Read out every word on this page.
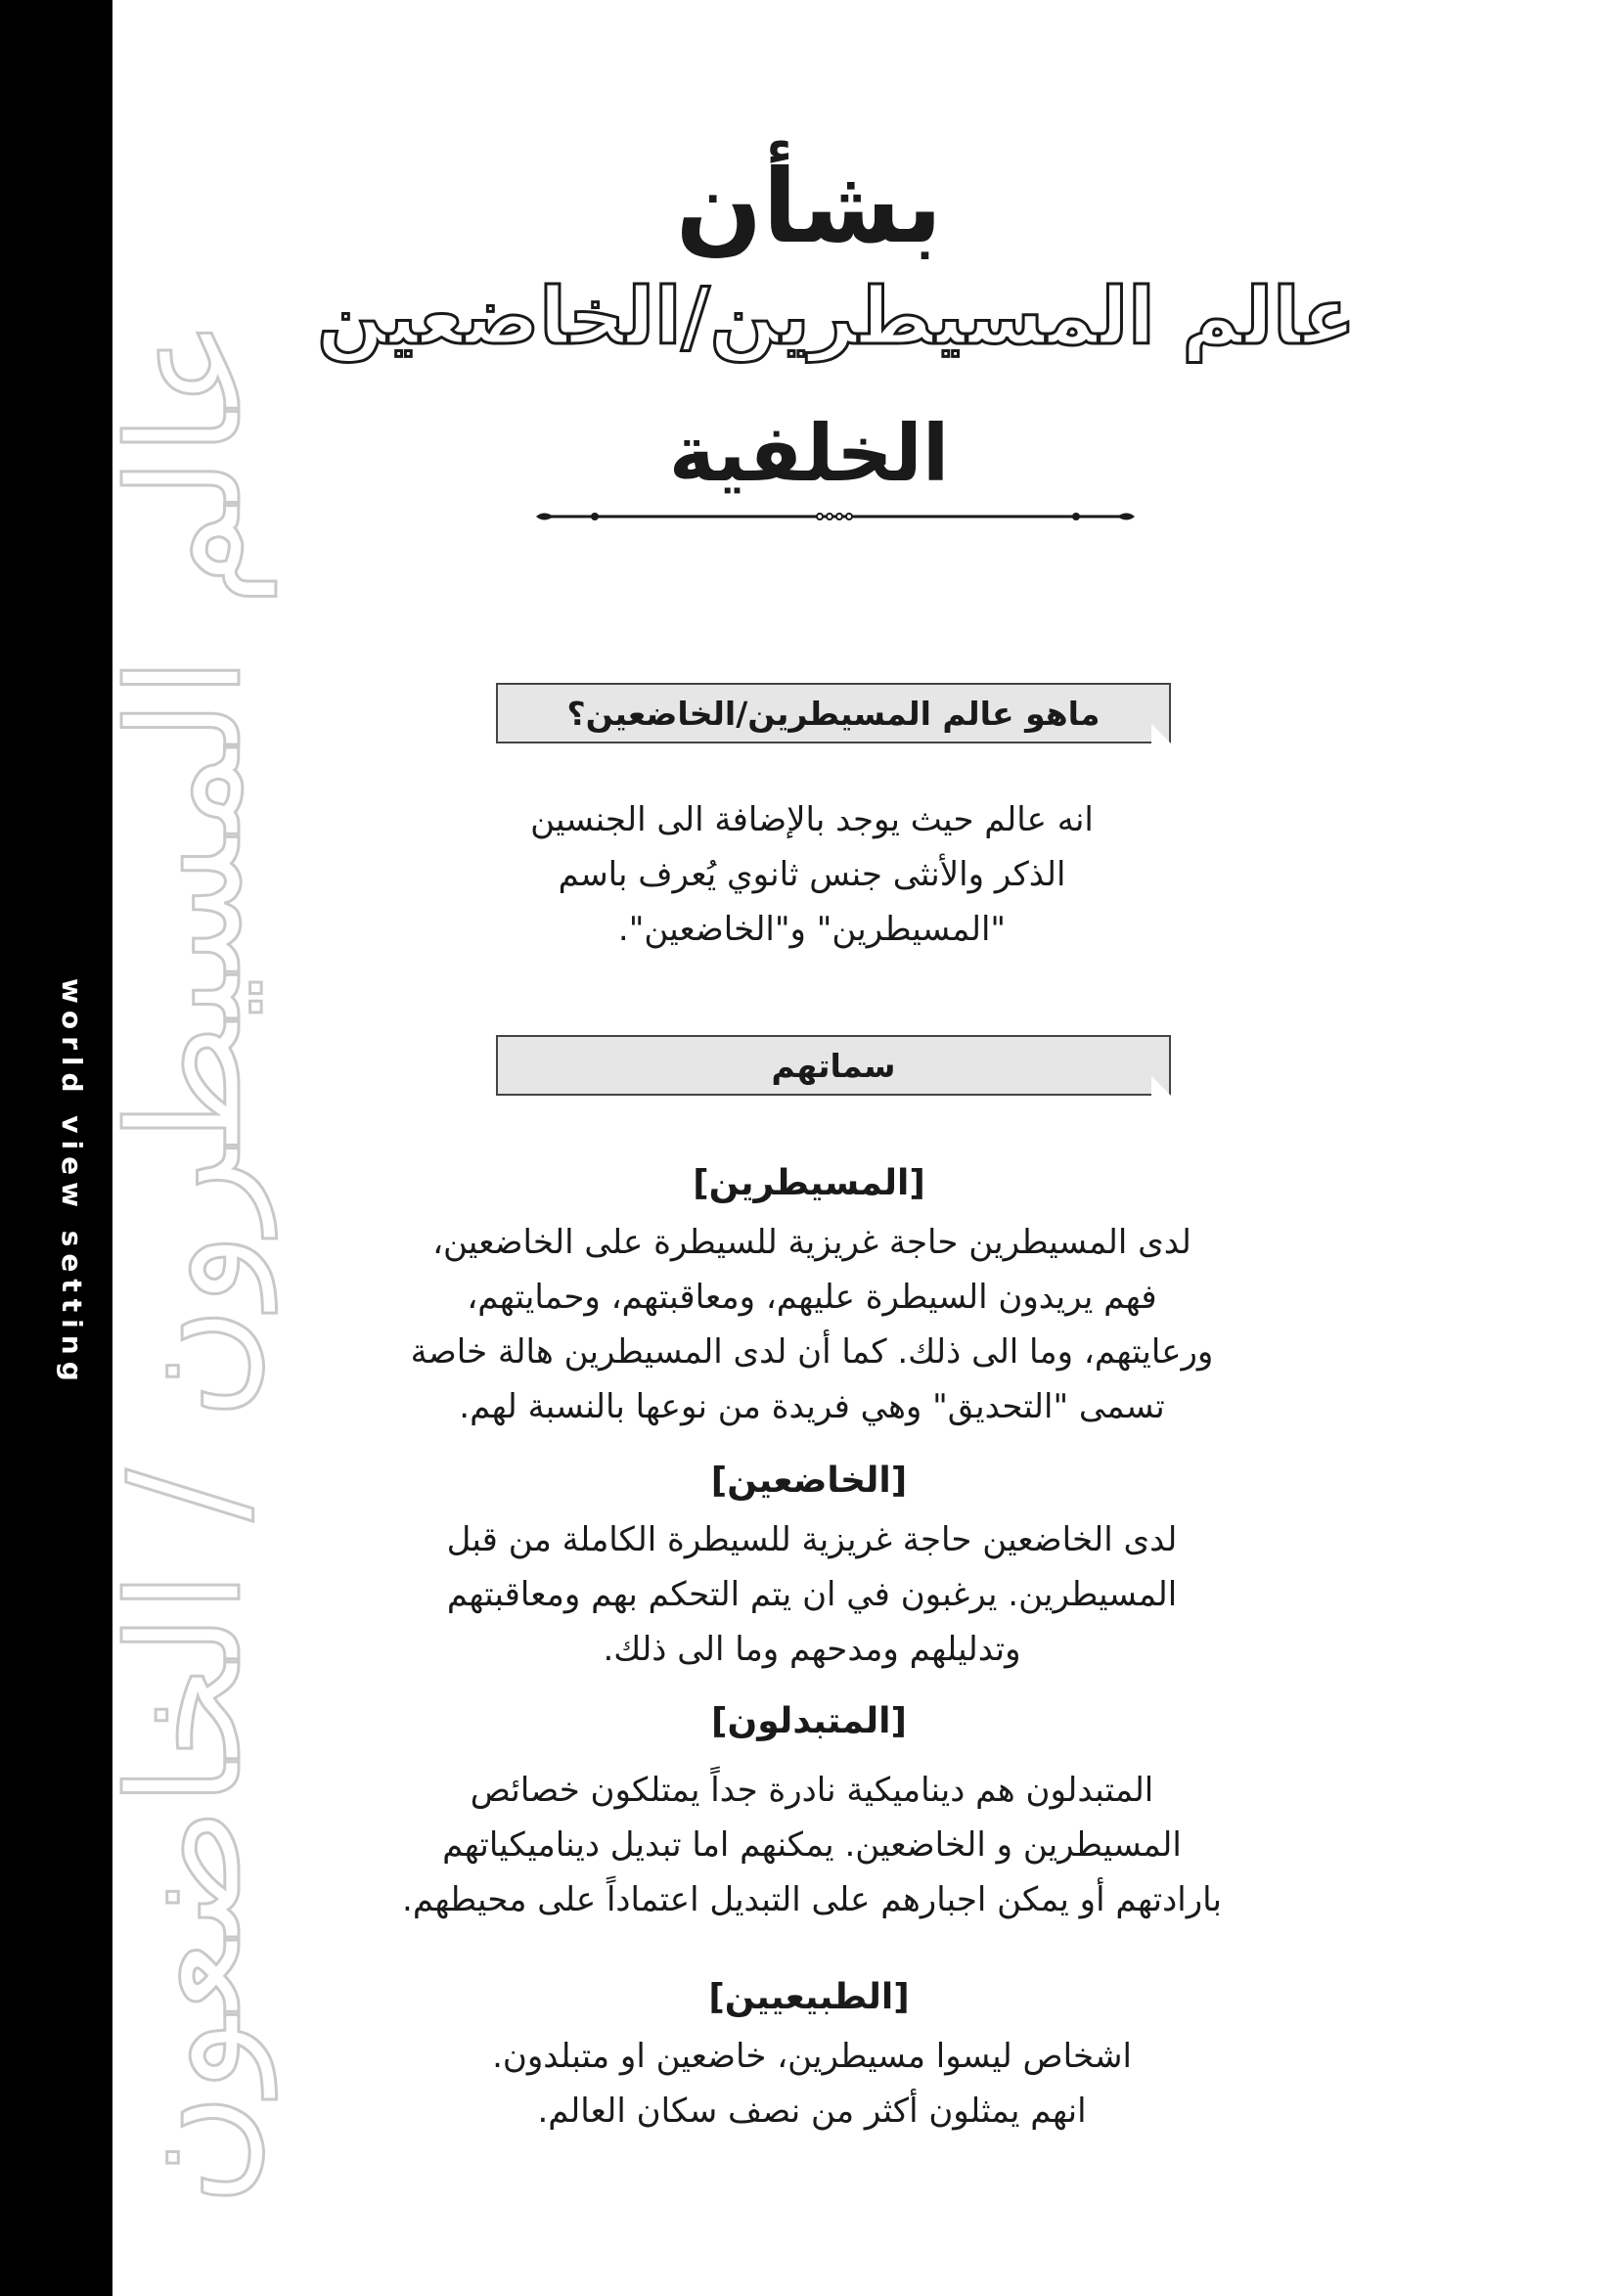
world view setting عالم المسيطرون / الخاضعون
بشأن
عالم المسيطرين/الخاضعين
الخلفية
ماهو عالم المسيطرين/الخاضعين؟

انه عالم حيث يوجد بالإضافة الى الجنسين

الذكر والأنثى جنس ثانوي يُعرف باسم

"المسيطرين" و"الخاضعين".

سماتهم
[المسيطرين]

لدى المسيطرين حاجة غريزية للسيطرة على الخاضعين،

فهم يريدون السيطرة عليهم، ومعاقبتهم، وحمايتهم،

ورعايتهم، وما الى ذلك. كما أن لدى المسيطرين هالة خاصة

تسمى "التحديق" وهي فريدة من نوعها بالنسبة لهم.

[الخاضعين]

لدى الخاضعين حاجة غريزية للسيطرة الكاملة من قبل

المسيطرين. يرغبون في ان يتم التحكم بهم ومعاقبتهم

وتدليلهم ومدحهم وما الى ذلك.

[المتبدلون]

المتبدلون هم ديناميكية نادرة جداً يمتلكون خصائص

المسيطرين و الخاضعين. يمكنهم اما تبديل ديناميكياتهم

بارادتهم أو يمكن اجبارهم على التبديل اعتماداً على محيطهم.

[الطبيعيين]

اشخاص ليسوا مسيطرين، خاضعين او متبلدون.

انهم يمثلون أكثر من نصف سكان العالم.
